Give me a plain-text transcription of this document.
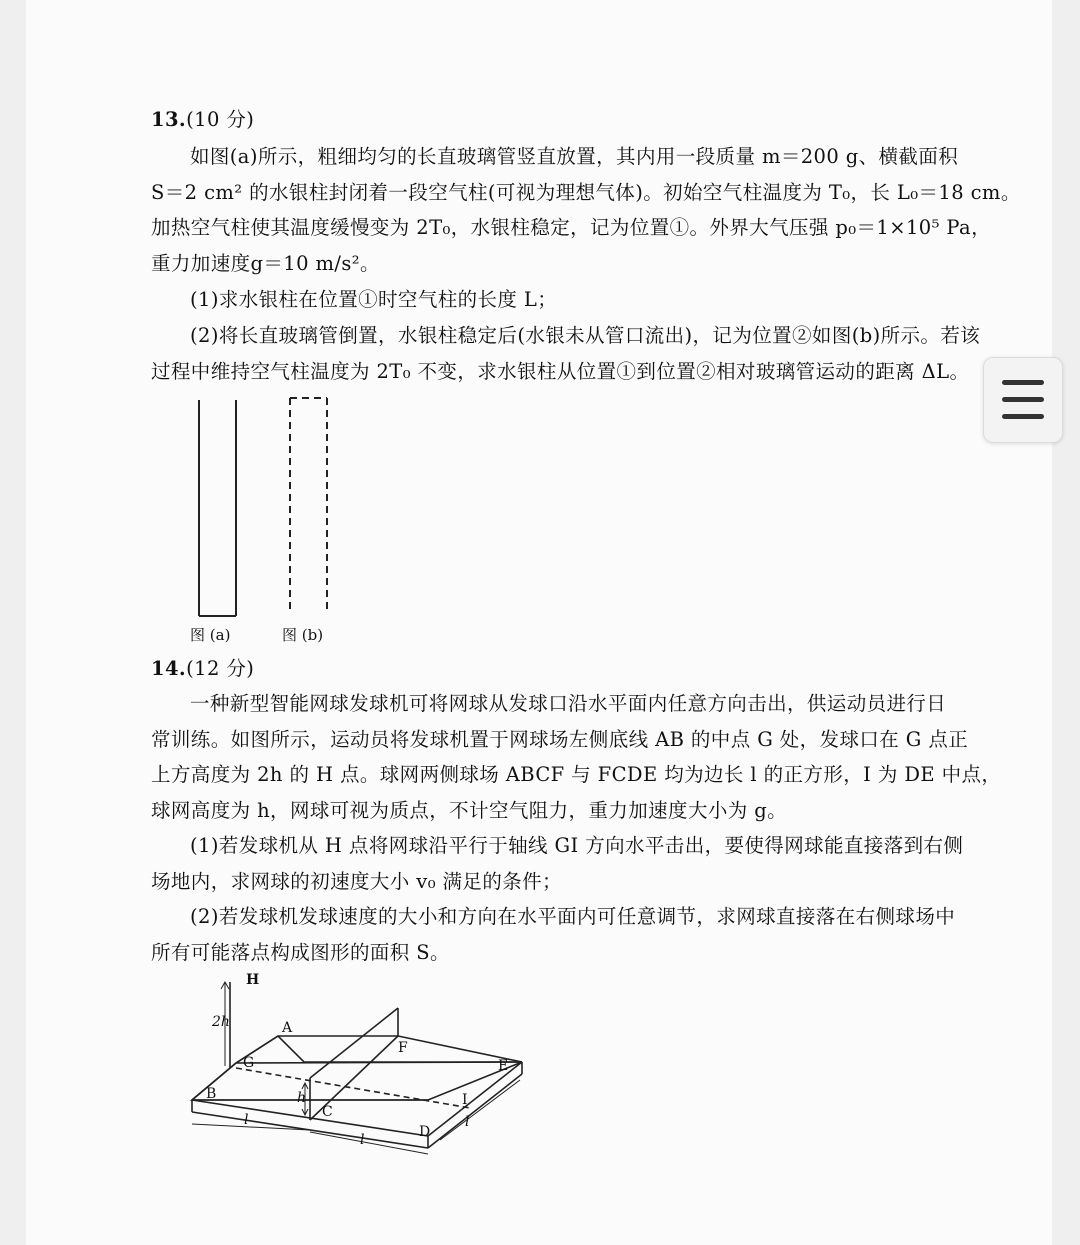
13.(10 分)
如图(a)所示，粗细均匀的长直玻璃管竖直放置，其内用一段质量 m＝200 g、横截面积
S＝2 cm² 的水银柱封闭着一段空气柱(可视为理想气体)。初始空气柱温度为 T₀，长 L₀＝18 cm。
加热空气柱使其温度缓慢变为 2T₀，水银柱稳定，记为位置①。外界大气压强 p₀＝1×10⁵ Pa，
重力加速度g＝10 m/s²。
(1)求水银柱在位置①时空气柱的长度 L；
(2)将长直玻璃管倒置，水银柱稳定后(水银未从管口流出)，记为位置②如图(b)所示。若该
过程中维持空气柱温度为 2T₀ 不变，求水银柱从位置①到位置②相对玻璃管运动的距离 ΔL。
图 (a)	图 (b)
14.(12 分)
一种新型智能网球发球机可将网球从发球口沿水平面内任意方向击出，供运动员进行日
常训练。如图所示，运动员将发球机置于网球场左侧底线 AB 的中点 G 处，发球口在 G 点正
上方高度为 2h 的 H 点。球网两侧球场 ABCF 与 FCDE 均为边长 l 的正方形，I 为 DE 中点，
球网高度为 h，网球可视为质点，不计空气阻力，重力加速度大小为 g。
(1)若发球机从 H 点将网球沿平行于轴线 GI 方向水平击出，要使得网球能直接落到右侧
场地内，求网球的初速度大小 v₀ 满足的条件；
(2)若发球机发球速度的大小和方向在水平面内可任意调节，求网球直接落在右侧球场中
所有可能落点构成图形的面积 S。
H
2h	A
G
F
E
B	h
C
I
D
l
l
l
